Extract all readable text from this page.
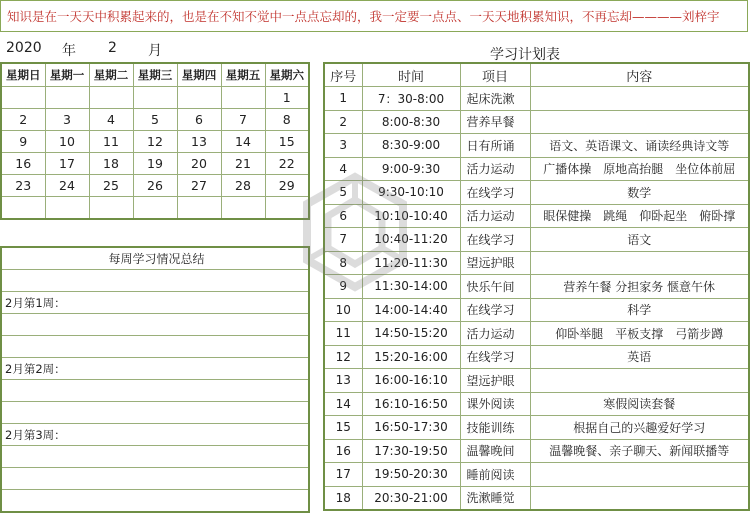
知识是在一天天中积累起来的，也是在不知不觉中一点点忘却的，我一定要一点点、一天天地积累知识，不再忘却————刘梓宇
2020 年 2 月
星期日	星期一	星期二	星期三	星期四	星期五	星期六
						1
2	3	4	5	6	7	8
9	10	11	12	13	14	15
16	17	18	19	20	21	22
23	24	25	26	27	28	29

每周学习情况总结

2月第1周：

2月第2周：

2月第3周：

学习计划表
序号	时间	项目	内容
1	7：30-8:00	起床洗漱	
2	8:00-8:30	营养早餐	
3	8:30-9:00	日有所诵	语文、英语课文、诵读经典诗文等
4	9:00-9:30	活力运动	广播体操　原地高抬腿　坐位体前屈
5	9:30-10:10	在线学习	数学
6	10:10-10:40	活力运动	眼保健操　跳绳　仰卧起坐　俯卧撑
7	10:40-11:20	在线学习	语文
8	11:20-11:30	望远护眼	
9	11:30-14:00	快乐午间	营养午餐 分担家务 惬意午休
10	14:00-14:40	在线学习	科学
11	14:50-15:20	活力运动	仰卧举腿　平板支撑　弓箭步蹲
12	15:20-16:00	在线学习	英语
13	16:00-16:10	望远护眼	
14	16:10-16:50	课外阅读	寒假阅读套餐
15	16:50-17:30	技能训练	根据自己的兴趣爱好学习
16	17:30-19:50	温馨晚间	温馨晚餐、亲子聊天、新闻联播等
17	19:50-20:30	睡前阅读	
18	20:30-21:00	洗漱睡觉	
